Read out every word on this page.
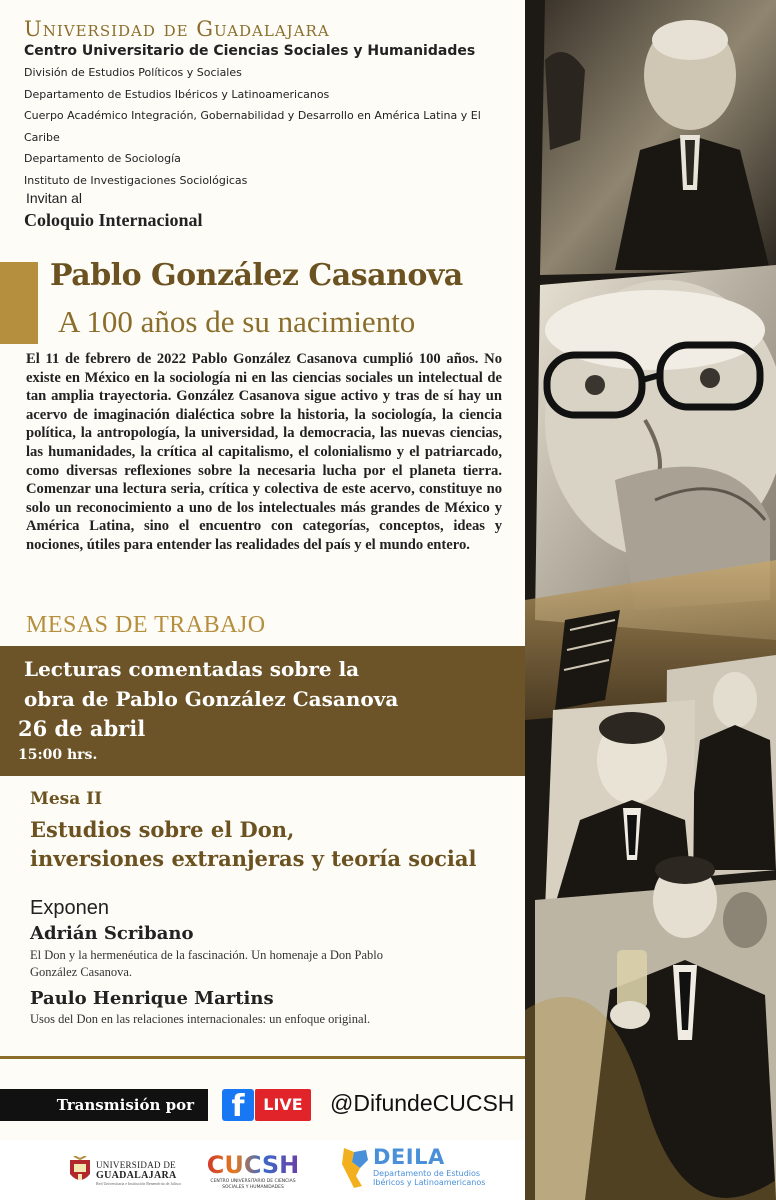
Universidad de Guadalajara
Centro Universitario de Ciencias Sociales y Humanidades
División de Estudios Políticos y Sociales
Departamento de Estudios Ibéricos y Latinoamericanos
Cuerpo Académico Integración, Gobernabilidad y Desarrollo en América Latina y El Caribe
Departamento de Sociología
Instituto de Investigaciones Sociológicas
Invitan al
Coloquio Internacional
Pablo González Casanova
A 100 años de su nacimiento
El 11 de febrero de 2022 Pablo González Casanova cumplió 100 años. No existe en México en la sociología ni en las ciencias sociales un intelectual de tan amplia trayectoria. González Casanova sigue activo y tras de sí hay un acervo de imaginación dialéctica sobre la historia, la sociología, la ciencia política, la antropología, la universidad, la democracia, las nuevas ciencias, las humanidades, la crítica al capitalismo, el colonialismo y el patriarcado, como diversas reflexiones sobre la necesaria lucha por el planeta tierra. Comenzar una lectura seria, crítica y colectiva de este acervo, constituye no solo un reconocimiento a uno de los intelectuales más grandes de México y América Latina, sino el encuentro con categorías, conceptos, ideas y nociones, útiles para entender las realidades del país y el mundo entero.
MESAS DE TRABAJO
Lecturas comentadas sobre la
obra de Pablo González Casanova
26 de abril
15:00 hrs.
Mesa II
Estudios sobre el Don,
inversiones extranjeras y teoría social
Exponen
Adrián Scribano
El Don y la hermenéutica de la fascinación. Un homenaje a Don Pablo González Casanova.
Paulo Henrique Martins
Usos del Don en las relaciones internacionales: un enfoque original.
Transmisión por	f	LIVE	@DifundeCUCSH
UNIVERSIDAD DE
GUADALAJARA
Red Universitaria e Institución Benemérita de Jalisco
CUCSH
CENTRO UNIVERSITARIO DE CIENCIAS SOCIALES Y HUMANIDADES
DEILA
Departamento de Estudios
Ibéricos y Latinoamericanos
